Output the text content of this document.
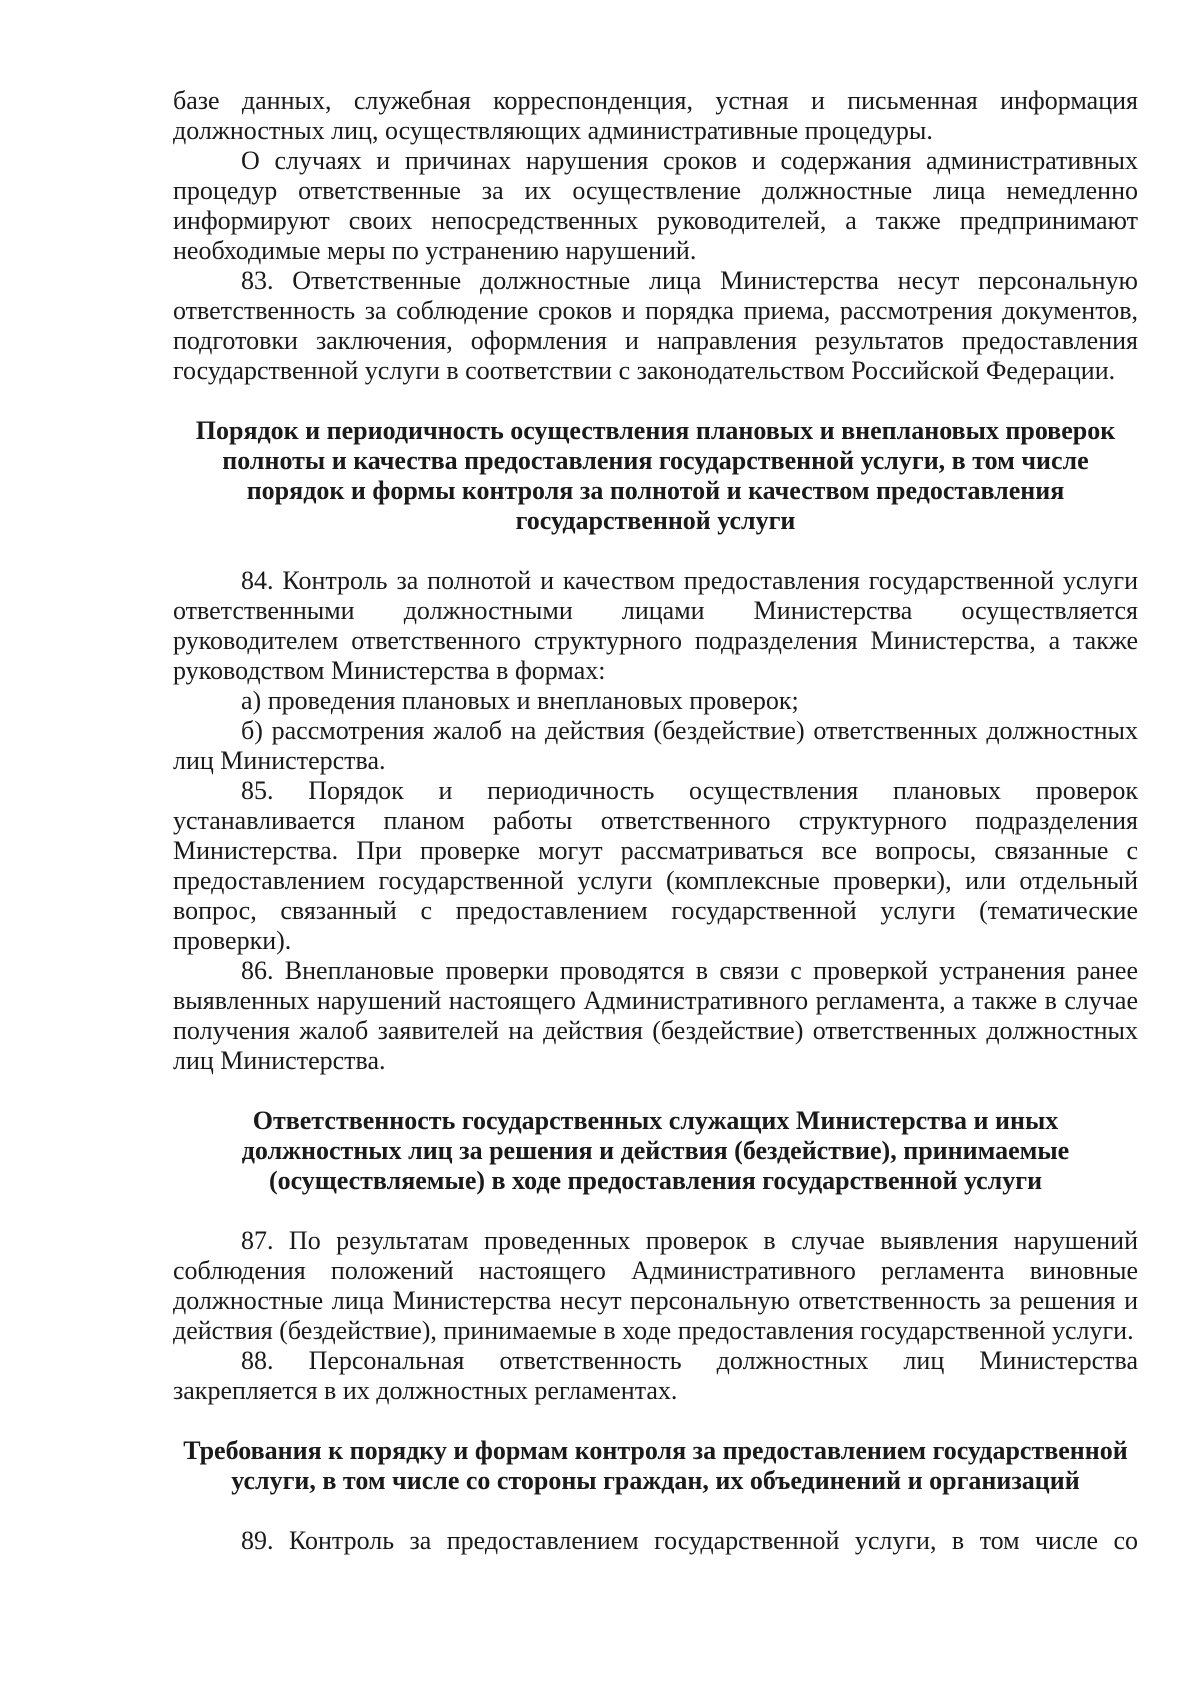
базе данных, служебная корреспонденция, устная и письменная информация должностных лиц, осуществляющих административные процедуры.

О случаях и причинах нарушения сроков и содержания административных процедур ответственные за их осуществление должностные лица немедленно информируют своих непосредственных руководителей, а также предпринимают необходимые меры по устранению нарушений.

83. Ответственные должностные лица Министерства несут персональную ответственность за соблюдение сроков и порядка приема, рассмотрения документов, подготовки заключения, оформления и направления результатов предоставления государственной услуги в соответствии с законодательством Российской Федерации.

Порядок и периодичность осуществления плановых и внеплановых проверок полноты и качества предоставления государственной услуги, в том числе порядок и формы контроля за полнотой и качеством предоставления государственной услуги

84. Контроль за полнотой и качеством предоставления государственной услуги ответственными должностными лицами Министерства осуществляется руководителем ответственного структурного подразделения Министерства, а также руководством Министерства в формах:

а) проведения плановых и внеплановых проверок;

б) рассмотрения жалоб на действия (бездействие) ответственных должностных лиц Министерства.

85. Порядок и периодичность осуществления плановых проверок устанавливается планом работы ответственного структурного подразделения Министерства. При проверке могут рассматриваться все вопросы, связанные с предоставлением государственной услуги (комплексные проверки), или отдельный вопрос, связанный с предоставлением государственной услуги (тематические проверки).

86. Внеплановые проверки проводятся в связи с проверкой устранения ранее выявленных нарушений настоящего Административного регламента, а также в случае получения жалоб заявителей на действия (бездействие) ответственных должностных лиц Министерства.

Ответственность государственных служащих Министерства и иных должностных лиц за решения и действия (бездействие), принимаемые (осуществляемые) в ходе предоставления государственной услуги

87. По результатам проведенных проверок в случае выявления нарушений соблюдения положений настоящего Административного регламента виновные должностные лица Министерства несут персональную ответственность за решения и действия (бездействие), принимаемые в ходе предоставления государственной услуги.

88. Персональная ответственность должностных лиц Министерства закрепляется в их должностных регламентах.

Требования к порядку и формам контроля за предоставлением государственной услуги, в том числе со стороны граждан, их объединений и организаций

89. Контроль за предоставлением государственной услуги, в том числе со
